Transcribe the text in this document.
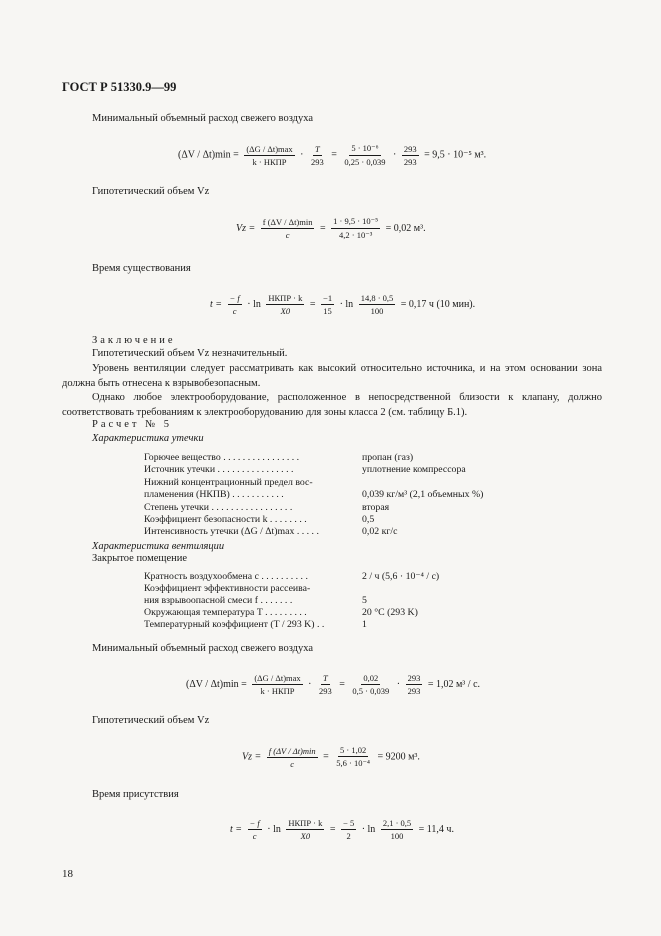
ГОСТ Р 51330.9—99
Минимальный объемный расход свежего воздуха
$(\Delta V / \Delta t)\min = \frac{(\Delta G / \Delta t)\max}{\text{k · НКПР}} \cdot \frac{T}{293} = \frac{\text{5 · 10⁻⁶}}{0,25 \cdot 0,039} \cdot \frac{293}{293} = 9,5 \cdot 10^{-5}$ м³.
Гипотетический объем Vz
$Vz = \frac{f (\Delta V / \Delta t)\min}{c} = \frac{\text{1 · 9,5 · 10⁻⁵}}{\text{4,2 · 10⁻³}} = 0,02$ м³.
Время существования
$t = \frac{- f}{c} \cdot \ln \frac{\text{НКПР · k}}{X0} = \frac{-1}{15} \cdot \ln \frac{14,8 \cdot 0,5}{100} = 0,17$ ч (10 мин).
Заключение
Гипотетический объем Vz незначительный.
Уровень вентиляции следует рассматривать как высокий относительно источника, и на этом основании зона должна быть отнесена к взрывобезопасным.
Однако любое электрооборудование, расположенное в непосредственной близости к клапану, должно соответствовать требованиям к электрооборудованию для зоны класса 2 (см. таблицу Б.1).
Расчет № 5
Характеристика утечки
Горючее вещество . . . . . . . . . . . . . . . .	пропан (газ)
Источник утечки . . . . . . . . . . . . . . . .	уплотнение компрессора
Нижний концентрационный предел вос-
пламенения (НКПВ) . . . . . . . . . . .	0,039 кг/м³ (2,1 объемных %)
Степень утечки . . . . . . . . . . . . . . . . .	вторая
Коэффициент безопасности k . . . . . . . .	0,5
Интенсивность утечки (ΔG / Δt)max . . . . .	0,02 кг/с
Характеристика вентиляции
Закрытое помещение
Кратность воздухообмена c . . . . . . . . . .	2 / ч (5,6 · 10⁻⁴ / с)
Коэффициент эффективности рассеива-
ния взрывоопасной смеси f . . . . . . .	5
Окружающая температура T . . . . . . . . .	20 °C (293 K)
Температурный коэффициент (T / 293 K) . .	1
Минимальный объемный расход свежего воздуха
$(\Delta V / \Delta t)\min = \frac{(\Delta G / \Delta t)\max}{\text{k · НКПР}} \cdot \frac{T}{293} = \frac{0,02}{0,5 \cdot 0,039} \cdot \frac{293}{293} = 1,02$ м³ / с.
Гипотетический объем Vz
$Vz = \frac{f (\Delta V / \Delta t)\min}{c} = \frac{5 \cdot 1,02}{\text{5,6 · 10⁻⁴}} = 9200$ м³.
Время присутствия
$t = \frac{- f}{c} \cdot \ln \frac{\text{НКПР · k}}{X0} = \frac{- 5}{2} \cdot \ln \frac{2,1 \cdot 0,5}{100} = 11,4$ ч.
18
